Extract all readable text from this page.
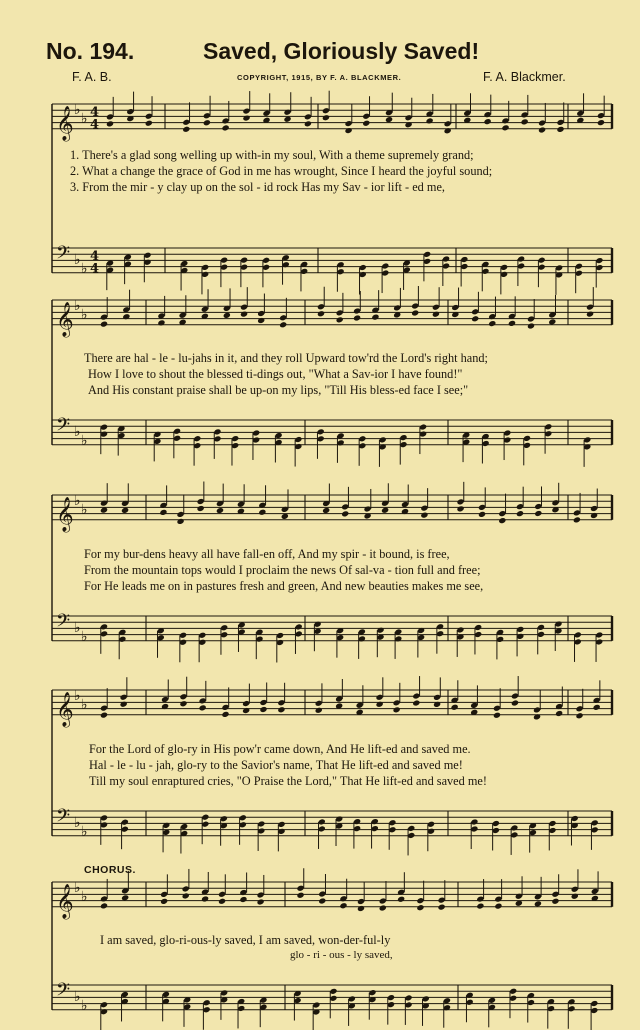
𝄞 ♭
♭ 4
4
𝄢 ♭
♭
4
4
𝄞 ♭
♭
𝄢 ♭
♭
𝄞 ♭
♭
𝄢 ♭
♭
𝄞 ♭
♭
𝄢 ♭
♭
𝄞 ♭
♭
𝄢 ♭
♭
No. 194.	Saved, Gloriously Saved!
F. A. B.	COPYRIGHT, 1915, BY F. A. BLACKMER.	F. A. Blackmer.
1. There's a glad song welling up with-in my soul, With a theme supremely grand;
2. What a change the grace of God in me has wrought, Since I heard the joyful sound;
3. From the mir - y clay up on the sol - id rock Has my Sav - ior lift - ed me,
There are hal - le - lu-jahs in it, and they roll Upward tow'rd the Lord's right hand;
How I love to shout the blessed ti-dings out, "What a Sav-ior I have found!"
And His constant praise shall be up-on my lips, "Till His bless-ed face I see;"
For my bur-dens heavy all have fall-en off, And my spir - it bound, is free,
From the mountain tops would I proclaim the news Of sal-va - tion full and free;
For He leads me on in pastures fresh and green, And new beauties makes me see,
For the Lord of glo-ry in His pow'r came down, And He lift-ed and saved me.
Hal - le - lu - jah, glo-ry to the Savior's name, That He lift-ed and saved me!
Till my soul enraptured cries, "O Praise the Lord," That He lift-ed and saved me!
CHORUS.
I am saved, glo-ri-ous-ly saved, I am saved, won-der-ful-ly
glo - ri - ous - ly saved,
